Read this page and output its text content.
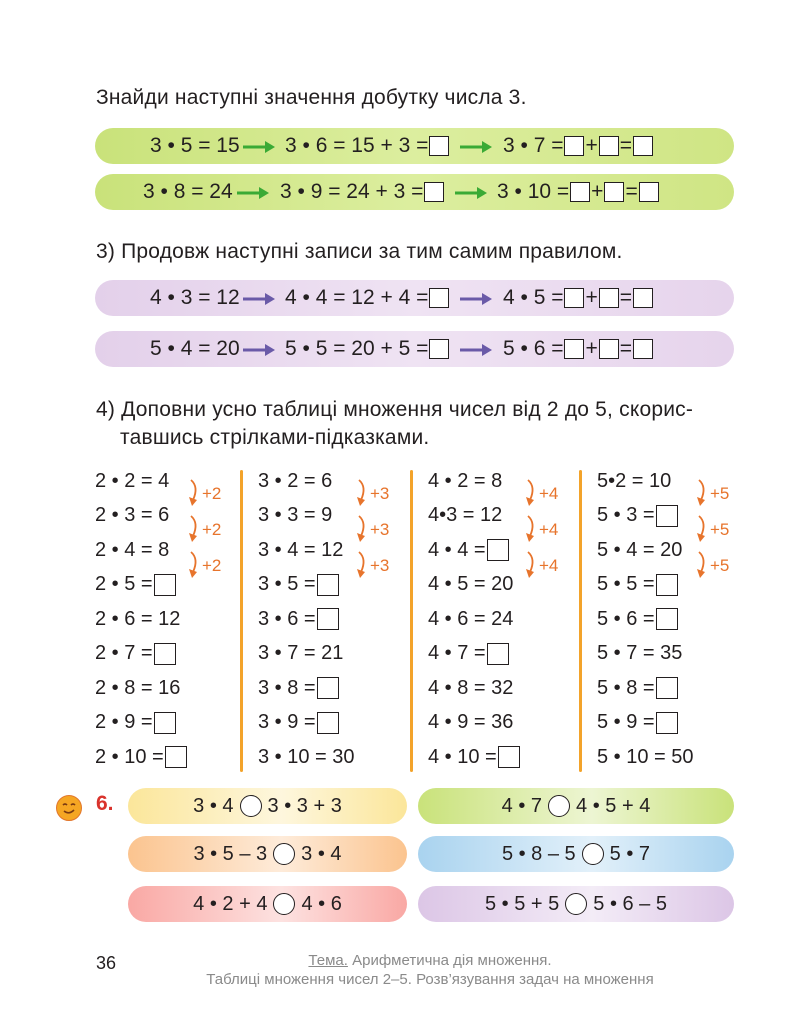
Знайди наступні значення добутку числа 3.
3 • 5 = 15 3 • 6 = 15 + 3 =	3 • 7 = + =
3 • 8 = 24 3 • 9 = 24 + 3 =	3 • 10 = + =
3) Продовж наступні записи за тим самим правилом.
4 • 3 = 12 4 • 4 = 12 + 4 =	4 • 5 = + =
5 • 4 = 20 5 • 5 = 20 + 5 =	5 • 6 = + =
4) Доповни усно таблиці множення чисел від 2 до 5, скорис-
тавшись стрілками-підказками.
2 • 2 = 4
2 • 3 = 6
2 • 4 = 8
2 • 5 =
2 • 6 = 12
2 • 7 =
2 • 8 = 16
2 • 9 =
2 • 10 =
+2
+2
+2
3 • 2 = 6
3 • 3 = 9
3 • 4 = 12
3 • 5 =
3 • 6 =
3 • 7 = 21
3 • 8 =
3 • 9 =
3 • 10 = 30
+3
+3
+3
4 • 2 = 8
4•3 = 12
4 • 4 =
4 • 5 = 20
4 • 6 = 24
4 • 7 =
4 • 8 = 32
4 • 9 = 36
4 • 10 =
+4
+4
+4
5•2 = 10
5 • 3 =
5 • 4 = 20
5 • 5 =
5 • 6 =
5 • 7 = 35
5 • 8 =
5 • 9 =
5 • 10 = 50
+5
+5
+5
6.	3 • 4 3 • 3 + 3
3 • 5 – 3 3 • 4
4 • 2 + 4 4 • 6
4 • 7 4 • 5 + 4
5 • 8 – 5 5 • 7
5 • 5 + 5 5 • 6 – 5
36	Тема. Арифметична дія множення.
Таблиці множення чисел 2–5. Розв’язування задач на множення
